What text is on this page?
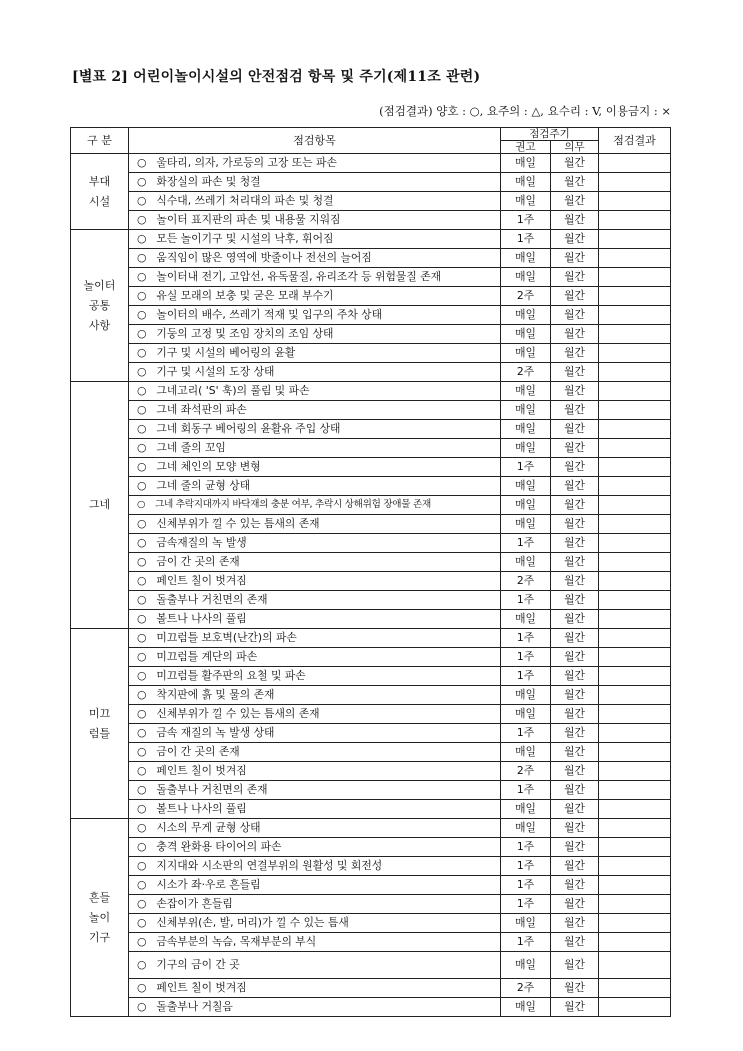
[별표 2] 어린이놀이시설의 안전점검 항목 및 주기(제11조 관련)
(점검결과) 양호 : ○, 요주의 : △, 요수리 : V, 이용금지 : ×
구 분	점검항목	점검주기		점검결과
		권고	의무	
부대
시설	○ 울타리, 의자, 가로등의 고장 또는 파손	매일	월간	
	○ 화장실의 파손 및 청결	매일	월간	
	○ 식수대, 쓰레기 처리대의 파손 및 청결	매일	월간	
	○ 놀이터 표지판의 파손 및 내용물 지워짐	1주	월간	
놀이터
공통
사항	○ 모든 놀이기구 및 시설의 낙후, 휘어짐	1주	월간	
	○ 움직임이 많은 영역에 밧줄이나 전선의 늘어짐	매일	월간	
	○ 놀이터내 전기, 고압선, 유독물질, 유리조각 등 위험물질 존재	매일	월간	
	○ 유실 모래의 보충 및 굳은 모래 부수기	2주	월간	
	○ 놀이터의 배수, 쓰레기 적재 및 입구의 주차 상태	매일	월간	
	○ 기둥의 고정 및 조임 장치의 조임 상태	매일	월간	
	○ 기구 및 시설의 베어링의 윤활	매일	월간	
	○ 기구 및 시설의 도장 상태	2주	월간	
그네	○ 그네고리( 'S' 훅)의 풀림 및 파손	매일	월간	
	○ 그네 좌석판의 파손	매일	월간	
	○ 그네 회동구 베어링의 윤활유 주입 상태	매일	월간	
	○ 그네 줄의 꼬임	매일	월간	
	○ 그네 체인의 모양 변형	1주	월간	
	○ 그네 줄의 균형 상태	매일	월간	
	○ 그네 추락지대까지 바닥재의 충분 여부, 추락시 상해위험 장애물 존재	매일	월간	
	○ 신체부위가 낄 수 있는 틈새의 존재	매일	월간	
	○ 금속재질의 녹 발생	1주	월간	
	○ 금이 간 곳의 존재	매일	월간	
	○ 페인트 칠이 벗겨짐	2주	월간	
	○ 돌출부나 거친면의 존재	1주	월간	
	○ 볼트나 나사의 풀림	매일	월간	
미끄
럼틀	○ 미끄럼틀 보호벽(난간)의 파손	1주	월간	
	○ 미끄럼틀 계단의 파손	1주	월간	
	○ 미끄럼틀 활주판의 요철 및 파손	1주	월간	
	○ 착지판에 흙 및 물의 존재	매일	월간	
	○ 신체부위가 낄 수 있는 틈새의 존재	매일	월간	
	○ 금속 재질의 녹 발생 상태	1주	월간	
	○ 금이 간 곳의 존재	매일	월간	
	○ 페인트 칠이 벗겨짐	2주	월간	
	○ 돌출부나 거친면의 존재	1주	월간	
	○ 볼트나 나사의 풀림	매일	월간	
흔들
놀이
기구	○ 시소의 무게 균형 상태	매일	월간	
	○ 충격 완화용 타이어의 파손	1주	월간	
	○ 지지대와 시소판의 연결부위의 원활성 및 회전성	1주	월간	
	○ 시소가 좌·우로 흔들림	1주	월간	
	○ 손잡이가 흔들림	1주	월간	
	○ 신체부위(손, 발, 머리)가 낄 수 있는 틈새	매일	월간	
	○ 금속부분의 녹슴, 목재부분의 부식	1주	월간	
	○ 기구의 금이 간 곳	매일	월간	
	○ 페인트 칠이 벗겨짐	2주	월간	
	○ 돌출부나 거칠음	매일	월간	
